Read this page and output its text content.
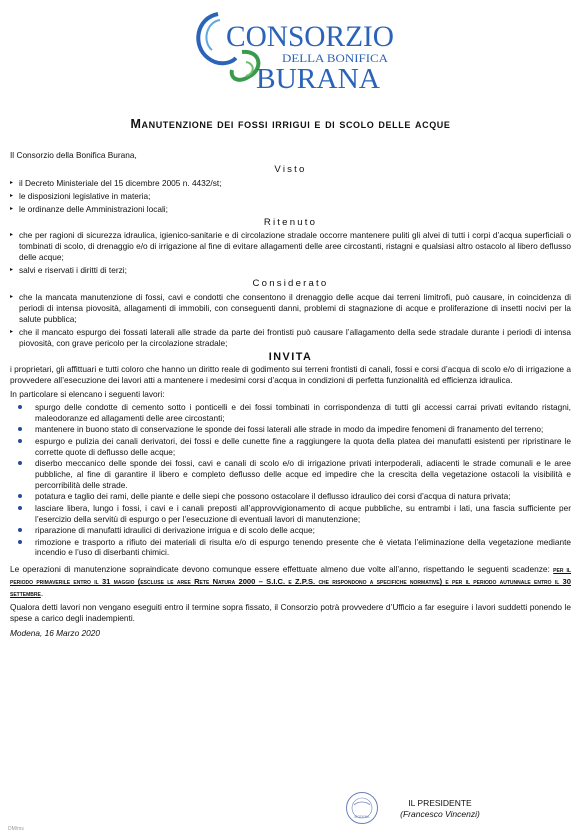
CONSORZIO
DELLA BONIFICA
BURANA
Manutenzione dei fossi irrigui e di scolo delle acque

Il Consorzio della Bonifica Burana,

Visto
▸ il Decreto Ministeriale del 15 dicembre 2005 n. 4432/st;
▸ le disposizioni legislative in materia;
▸ le ordinanze delle Amministrazioni locali;
Ritenuto
▸ che per ragioni di sicurezza idraulica, igienico-sanitarie e di circolazione stradale occorre mantenere puliti gli alvei di tutti i corpi d’acqua superficiali o tombinati di scolo, di drenaggio e/o di irrigazione al fine di evitare allagamenti delle aree circostanti, ristagni e qualsiasi altro ostacolo al libero deflusso delle acque;
▸ salvi e riservati i diritti di terzi;
Considerato
▸ che la mancata manutenzione di fossi, cavi e condotti che consentono il drenaggio delle acque dai terreni limitrofi, può causare, in coincidenza di periodi di intensa piovosità, allagamenti di immobili, con conseguenti danni, problemi di stagnazione di acque e proliferazione di insetti nocivi per la salute pubblica;
▸ che il mancato espurgo dei fossati laterali alle strade da parte dei frontisti può causare l’allagamento della sede stradale durante i periodi di intensa piovosità, con grave pericolo per la circolazione stradale;
INVITA

i proprietari, gli affittuari e tutti coloro che hanno un diritto reale di godimento sui terreni frontisti di canali, fossi e corsi d’acqua di scolo e/o di irrigazione a provvedere all’esecuzione dei lavori atti a mantenere i medesimi corsi d’acqua in condizioni di perfetta funzionalità ed efficienza idraulica.

In particolare si elencano i seguenti lavori:

spurgo delle condotte di cemento sotto i ponticelli e dei fossi tombinati in corrispondenza di tutti gli accessi carrai privati evitando ristagni, maleodoranze ed allagamenti delle aree circostanti;
mantenere in buono stato di conservazione le sponde dei fossi laterali alle strade in modo da impedire fenomeni di franamento del terreno;
espurgo e pulizia dei canali derivatori, dei fossi e delle cunette fine a raggiungere la quota della platea dei manufatti esistenti per ripristinare le corrette quote di deflusso delle acque;
diserbo meccanico delle sponde dei fossi, cavi e canali di scolo e/o di irrigazione privati interpoderali, adiacenti le strade comunali e le aree pubbliche, al fine di garantire il libero e completo deflusso delle acque ed impedire che la crescita della vegetazione ostacoli la visibilità e percorribilità delle strade.
potatura e taglio dei rami, delle piante e delle siepi che possono ostacolare il deflusso idraulico dei corsi d’acqua di natura privata;
lasciare libera, lungo i fossi, i cavi e i canali preposti all’approvvigionamento di acque pubbliche, su entrambi i lati, una fascia sufficiente per l’esercizio della servitù di espurgo o per l’esecuzione di eventuali lavori di manutenzione;
riparazione di manufatti idraulici di derivazione irrigua e di scolo delle acque;
rimozione e trasporto a rifiuto dei materiali di risulta e/o di espurgo tenendo presente che è vietata l’eliminazione della vegetazione mediante incendio e l’uso di diserbanti chimici.

Le operazioni di manutenzione sopraindicate devono comunque essere effettuate almeno due volte all’anno, rispettando le seguenti scadenze: per il periodo primaverile entro il 31 maggio (escluse le aree Rete Natura 2000 – S.I.C. e Z.P.S. che rispondono a specifiche normative) e per il periodo autunnale entro il 30 settembre.

Qualora detti lavori non vengano eseguiti entro il termine sopra fissato, il Consorzio potrà provvedere d’Ufficio a far eseguire i lavori suddetti ponendo le spese a carico degli inadempienti.

Modena, 16 Marzo 2020

MODENA
IL PRESIDENTE
(Francesco Vincenzi)
DM/ms
